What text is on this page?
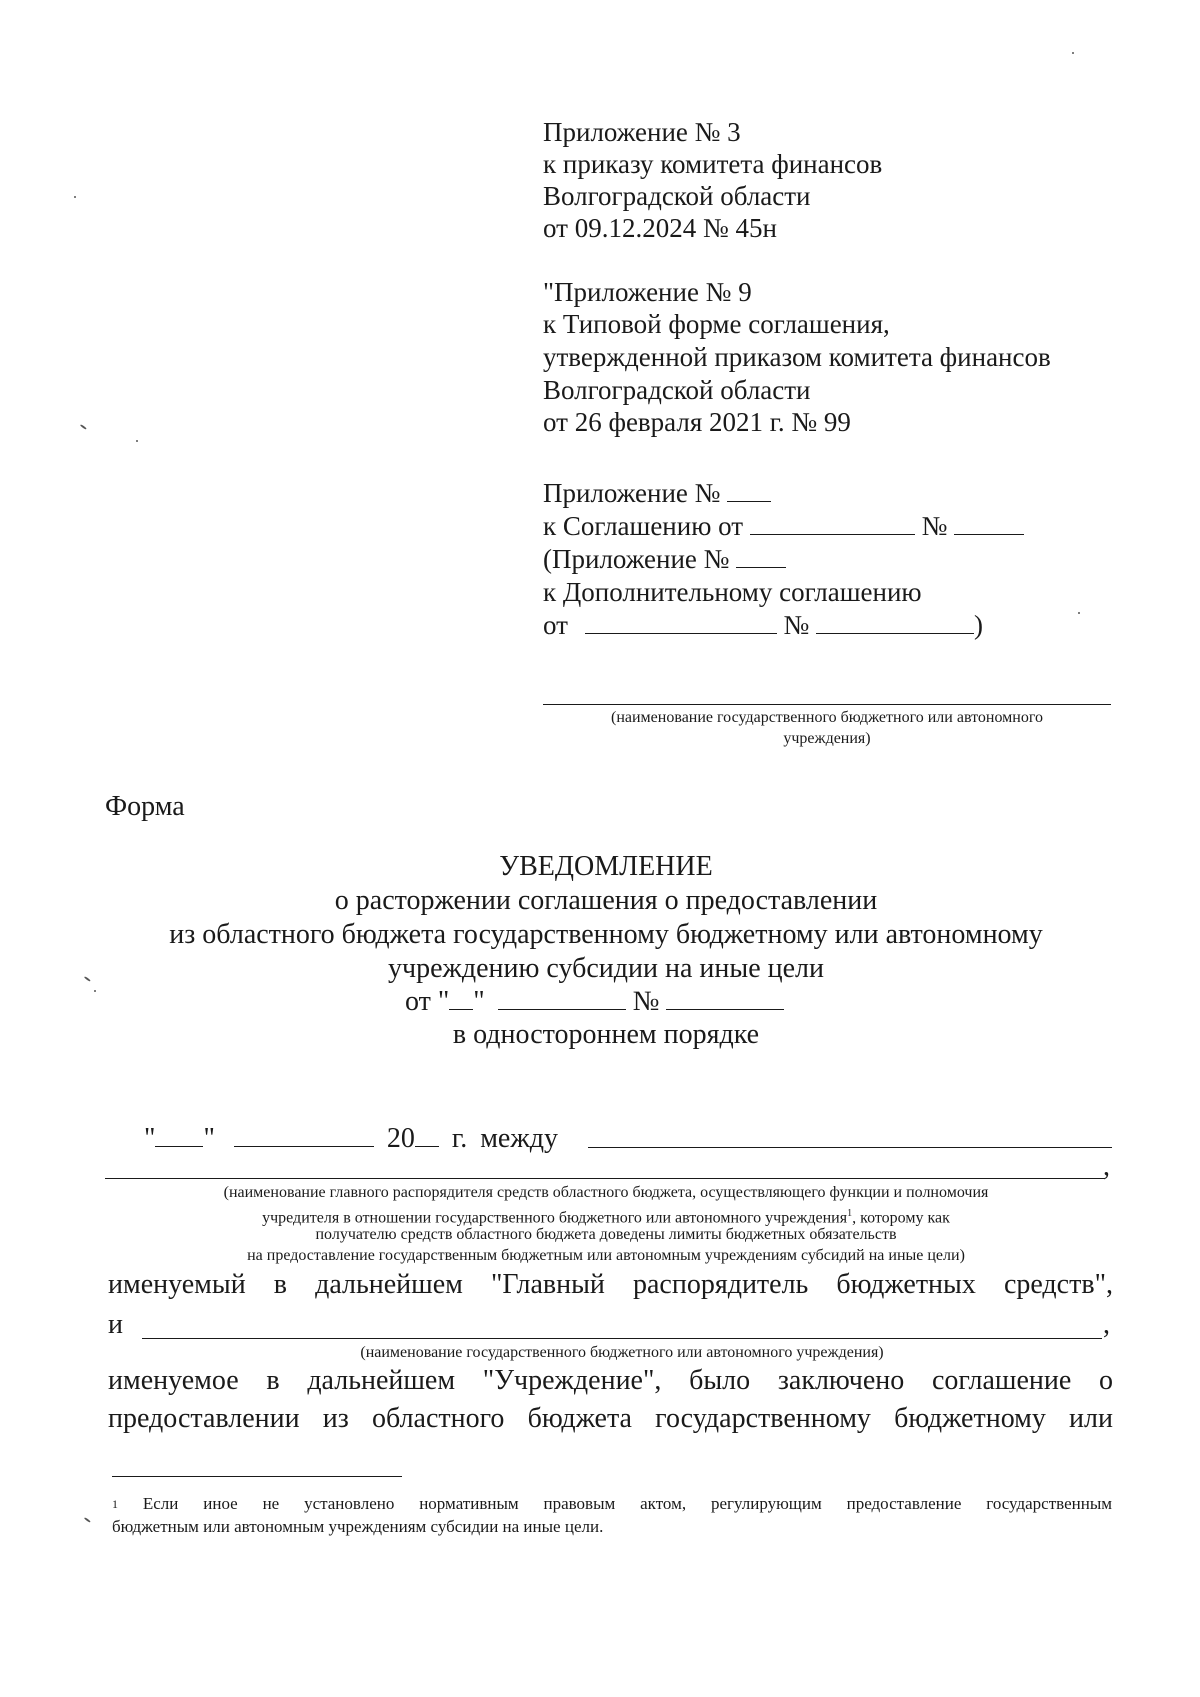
Приложение № 3
к приказу комитета финансов
Волгоградской области
от 09.12.2024 № 45н
"Приложение № 9
к Типовой форме соглашения,
утвержденной приказом комитета финансов
Волгоградской области
от 26 февраля 2021 г. № 99
Приложение №
к Соглашению от	№
(Приложение №
к Дополнительному соглашению
от	№	)
(наименование государственного бюджетного или автономного
учреждения)
Форма
УВЕДОМЛЕНИЕ
о расторжении соглашения о предоставлении
из областного бюджета государственному бюджетному или автономному
учреждению субсидии на иные цели
от " "	№
в одностороннем порядке
" "	20 г. между
,
(наименование главного распорядителя средств областного бюджета, осуществляющего функции и полномочия
учредителя в отношении государственного бюджетного или автономного учреждения$^1$, которому как
получателю средств областного бюджета доведены лимиты бюджетных обязательств
на предоставление государственным бюджетным или автономным учреждениям субсидий на иные цели)
именуемый в дальнейшем "Главный распорядитель бюджетных средств",
и	,
(наименование государственного бюджетного или автономного учреждения)
именуемое в дальнейшем "Учреждение", было заключено соглашение о
предоставлении из областного бюджета государственному бюджетному или
$^1$ Если иное не установлено нормативным правовым актом, регулирующим предоставление государственным
бюджетным или автономным учреждениям субсидии на иные цели.
